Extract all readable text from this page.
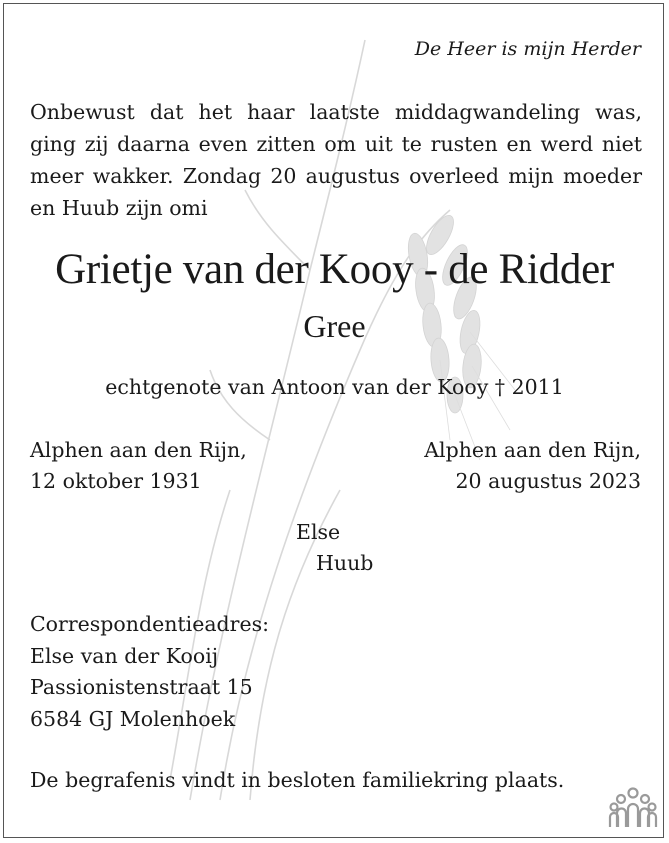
De Heer is mijn Herder
Onbewust dat het haar laatste middagwandeling was, ging zij daarna even zitten om uit te rusten en werd niet meer wakker. Zondag 20 augustus overleed mijn moeder en Huub zijn omi
Grietje van der Kooy - de Ridder
Gree
echtgenote van Antoon van der Kooy † 2011
Alphen aan den Rijn,
12 oktober 1931
Alphen aan den Rijn,
20 augustus 2023
Else
Huub
Correspondentieadres:
Else van der Kooij
Passionistenstraat 15
6584 GJ Molenhoek
De begrafenis vindt in besloten familiekring plaats.
